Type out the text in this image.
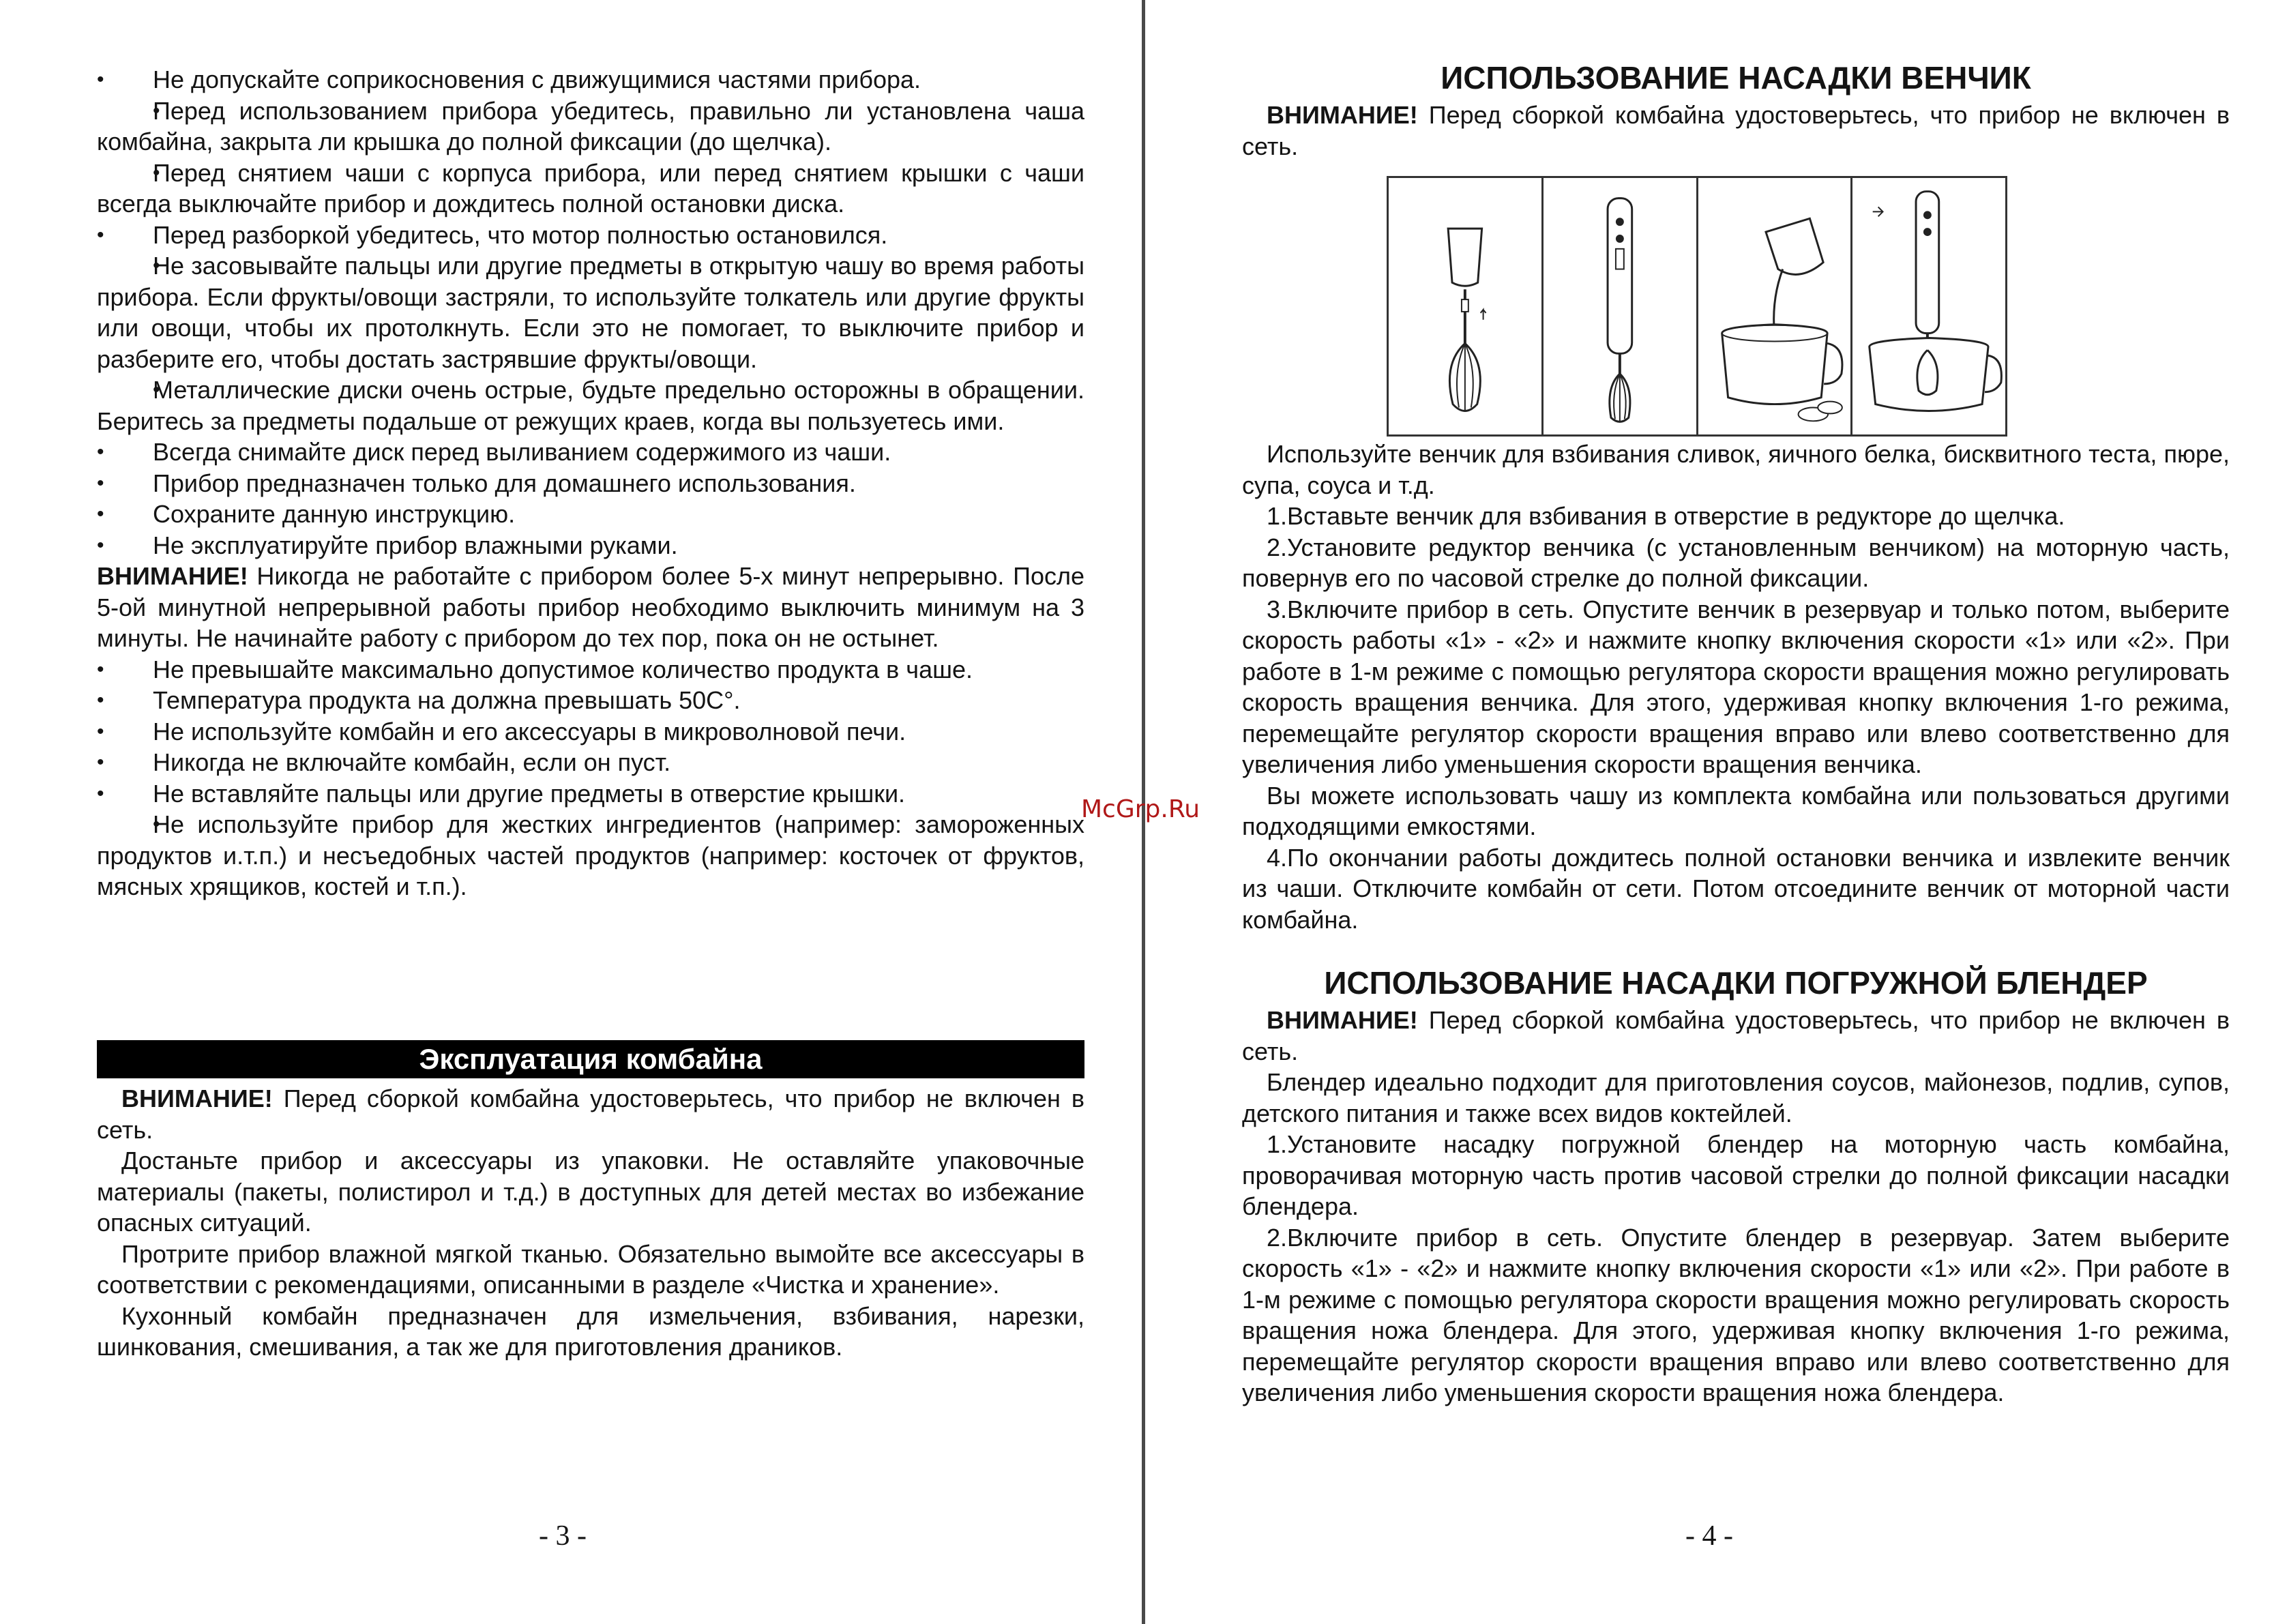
• Не допускайте соприкосновения с движущимися частями прибора.
• Перед использованием прибора убедитесь, правильно ли установлена чаша комбайна, закрыта ли крышка до полной фиксации (до щелчка).
• Перед снятием чаши с корпуса прибора, или перед снятием крышки с чаши всегда выключайте прибор и дождитесь полной остановки диска.
• Перед разборкой убедитесь, что мотор полностью остановился.
• Не засовывайте пальцы или другие предметы в открытую чашу во время работы прибора. Если фрукты/овощи застряли, то используйте толкатель или другие фрукты или овощи, чтобы их протолкнуть. Если это не помогает, то выключите прибор и разберите его, чтобы достать застрявшие фрукты/овощи.
• Металлические диски очень острые, будьте предельно осторожны в обращении. Беритесь за предметы подальше от режущих краев, когда вы пользуетесь ими.
• Всегда снимайте диск перед выливанием содержимого из чаши.
• Прибор предназначен только для домашнего использования.
• Сохраните данную инструкцию.
• Не эксплуатируйте прибор влажными руками.

ВНИМАНИЕ! Никогда не работайте с прибором более 5-х минут непрерывно. После 5-ой минутной непрерывной работы прибор необходимо выключить минимум на 3 минуты. Не начинайте работу с прибором до тех пор, пока он не остынет.

• Не превышайте максимально допустимое количество продукта в чаше.
• Температура продукта на должна превышать 50С°.
• Не используйте комбайн и его аксессуары в микроволновой печи.
• Никогда не включайте комбайн, если он пуст.
• Не вставляйте пальцы или другие предметы в отверстие крышки.
• Не используйте прибор для жестких ингредиентов (например: замороженных продуктов и.т.п.) и несъедобных частей продуктов (например: косточек от фруктов, мясных хрящиков, костей и т.п.).
Эксплуатация комбайна

ВНИМАНИЕ! Перед сборкой комбайна удостоверьтесь, что прибор не включен в сеть.

Достаньте прибор и аксессуары из упаковки. Не оставляйте упаковочные материалы (пакеты, полистирол и т.д.) в доступных для детей местах во избежание опасных ситуаций.

Протрите прибор влажной мягкой тканью. Обязательно вымойте все аксессуары в соответствии с рекомендациями, описанными в разделе «Чистка и хранение».

Кухонный комбайн предназначен для измельчения, взбивания, нарезки, шинкования, смешивания, а так же для приготовления драников.

- 3 -
McGrp.Ru
ИСПОЛЬЗОВАНИЕ НАСАДКИ ВЕНЧИК

ВНИМАНИЕ! Перед сборкой комбайна удостоверьтесь, что прибор не включен в сеть.

Используйте венчик для взбивания сливок, яичного белка, бисквитного теста, пюре, супа, соуса и т.д.

1.Вставьте венчик для взбивания в отверстие в редукторе до щелчка.

2.Установите редуктор венчика (с установленным венчиком) на моторную часть, повернув его по часовой стрелке до полной фиксации.

3.Включите прибор в сеть. Опустите венчик в резервуар и только потом, выберите скорость работы «1» - «2» и нажмите кнопку включения скорости «1» или «2». При работе в 1-м режиме с помощью регулятора скорости вращения можно регулировать скорость вращения венчика. Для этого, удерживая кнопку включения 1-го режима, перемещайте регулятор скорости вращения вправо или влево соответственно для увеличения либо уменьшения скорости вращения венчика.

Вы можете использовать чашу из комплекта комбайна или пользоваться другими подходящими емкостями.

4.По окончании работы дождитесь полной остановки венчика и извлеките венчик из чаши. Отключите комбайн от сети. Потом отсоедините венчик от моторной части комбайна.

ИСПОЛЬЗОВАНИЕ НАСАДКИ ПОГРУЖНОЙ БЛЕНДЕР

ВНИМАНИЕ! Перед сборкой комбайна удостоверьтесь, что прибор не включен в сеть.

Блендер идеально подходит для приготовления соусов, майонезов, подлив, супов, детского питания и также всех видов коктейлей.

1.Установите насадку погружной блендер на моторную часть комбайна, проворачивая моторную часть против часовой стрелки до полной фиксации насадки блендера.

2.Включите прибор в сеть. Опустите блендер в резервуар. Затем выберите скорость «1» - «2» и нажмите кнопку включения скорости «1» или «2». При работе в 1-м режиме с помощью регулятора скорости вращения можно регулировать скорость вращения ножа блендера. Для этого, удерживая кнопку включения 1-го режима, перемещайте регулятор скорости вращения вправо или влево соответственно для увеличения либо уменьшения скорости вращения ножа блендера.

- 4 -
